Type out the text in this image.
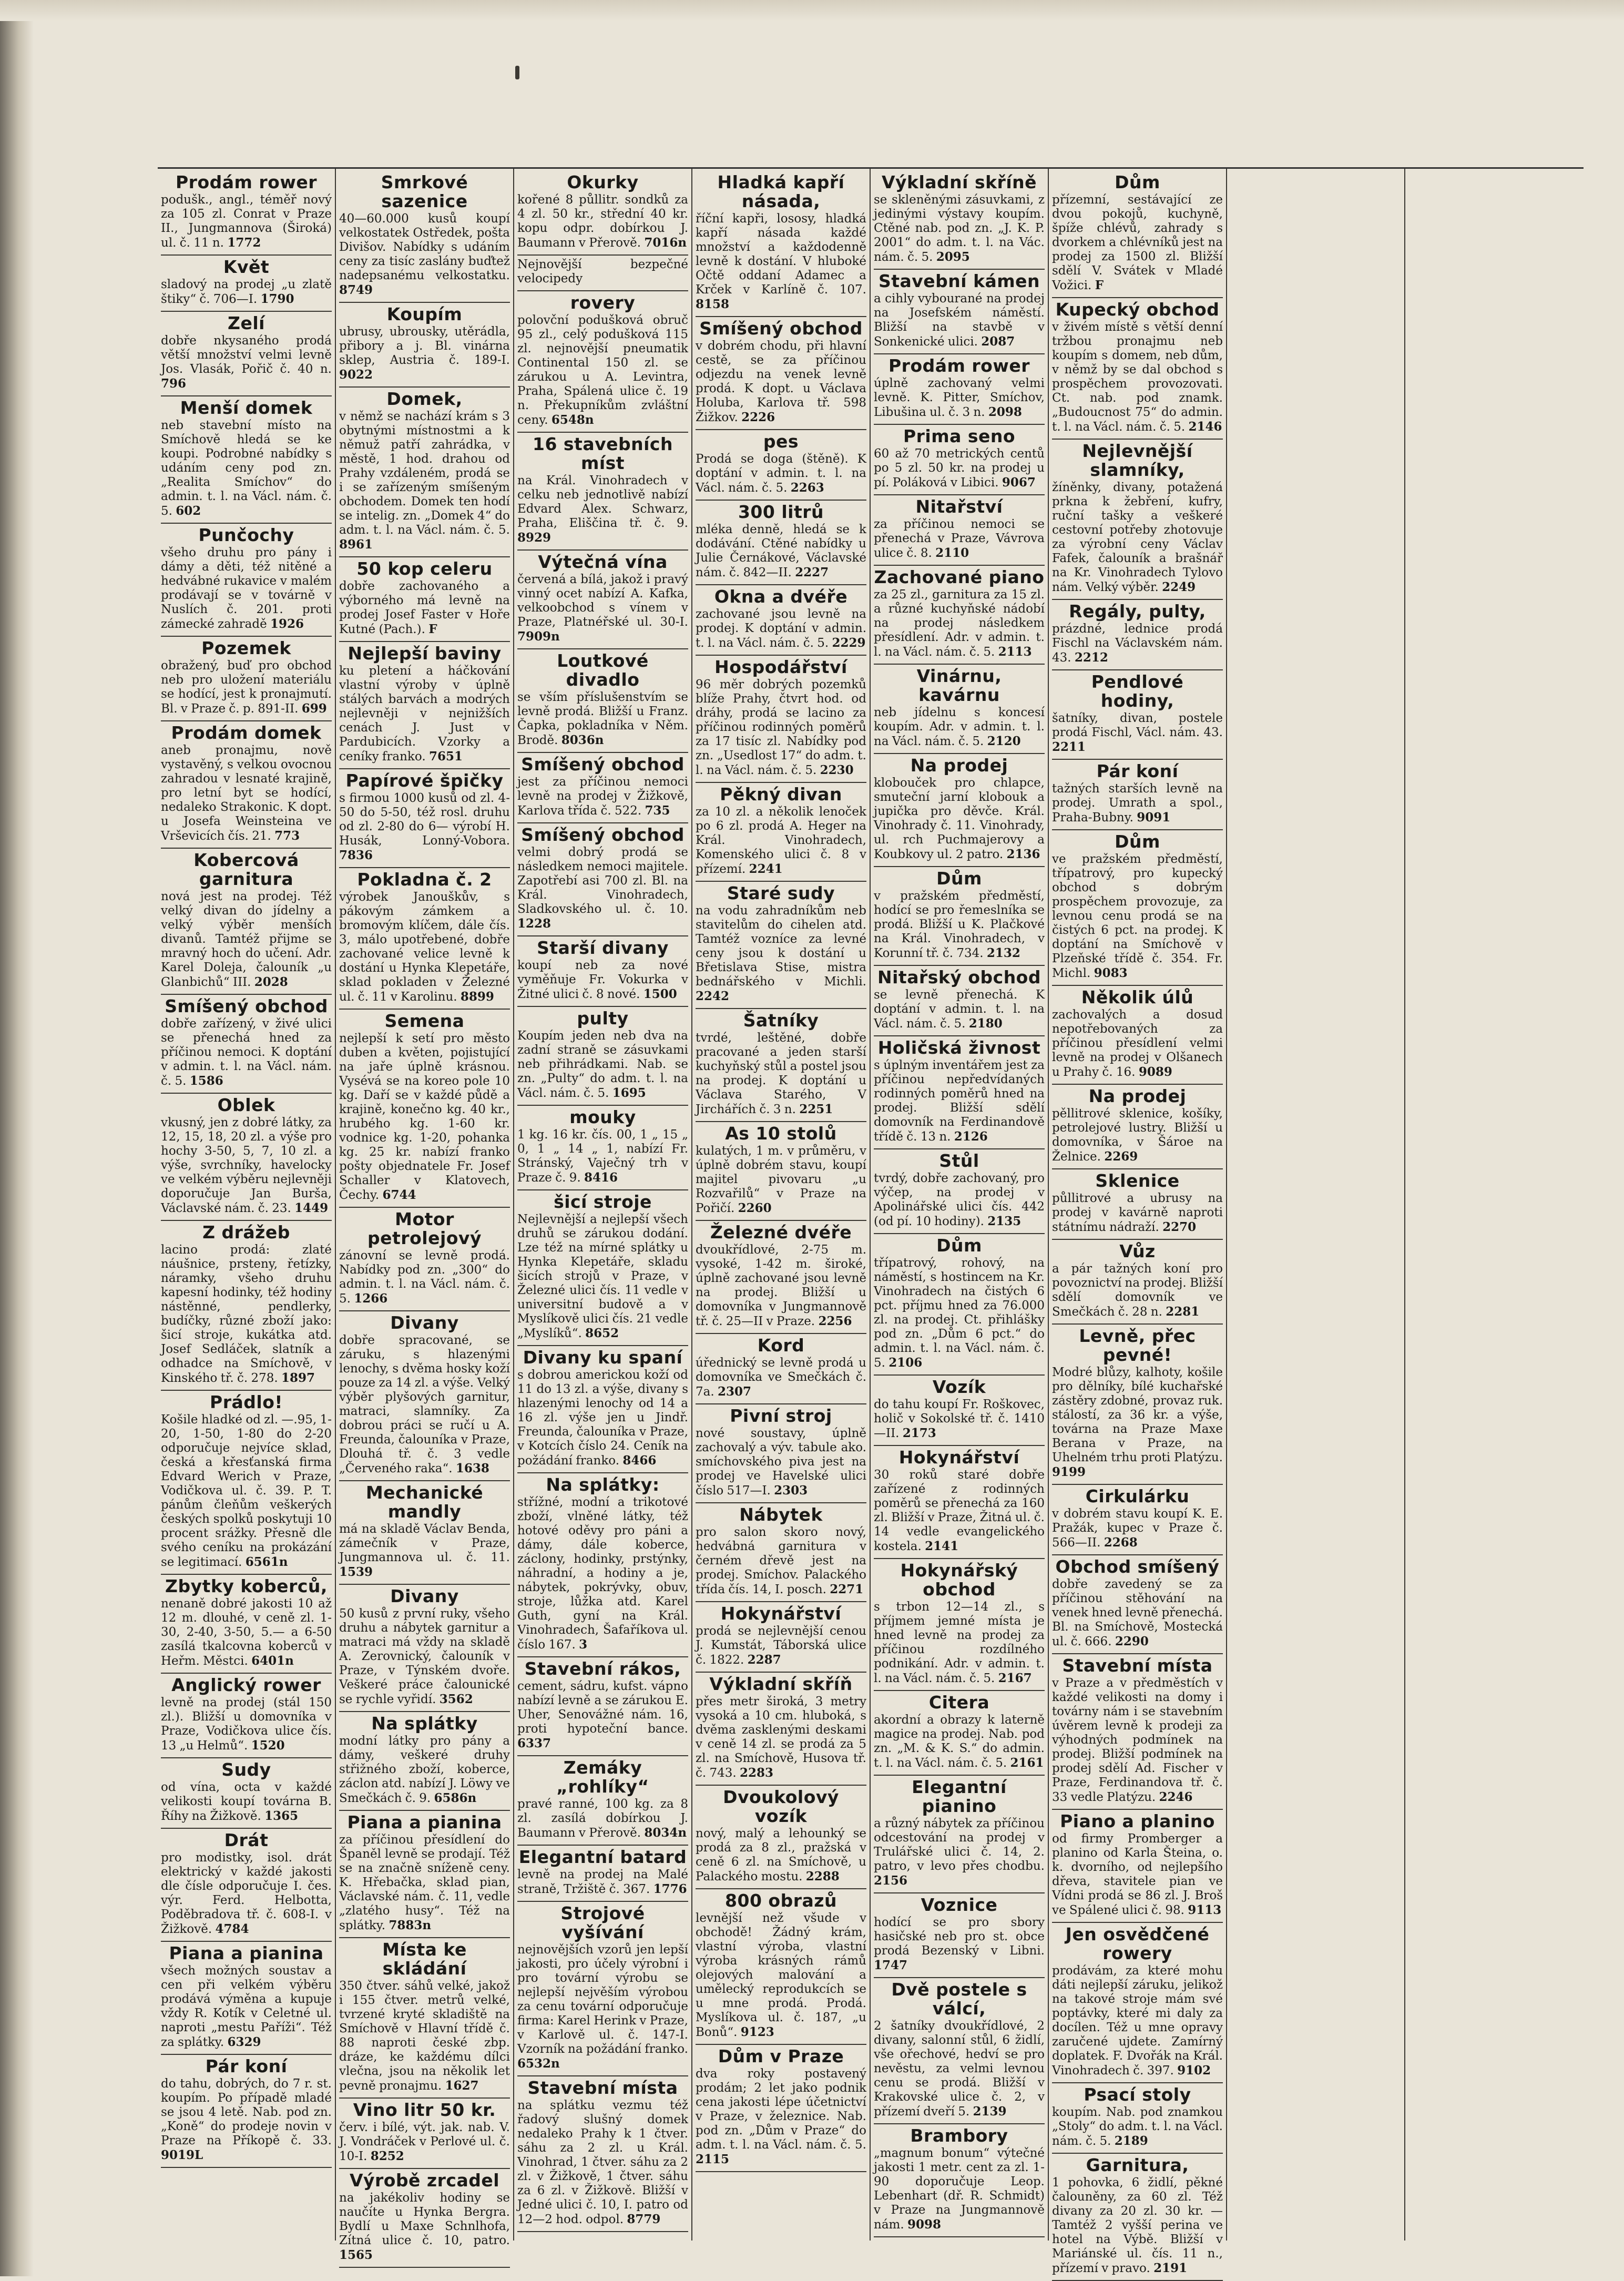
Prodám rower
podušk., angl., téměř nový za 105 zl. Conrat v Praze II., Jungmannova (Široká) ul. č. 11 n. 1772
Květ
sladový na prodej „u zlatě štiky“ č. 706—I. 1790
Zelí
dobře nkysaného prodá větší množství velmi levně Jos. Vlasák, Pořič č. 40 n. 796
Menší domek
neb stavební místo na Smíchově hledá se ke koupi. Podrobné nabídky s udáním ceny pod zn. „Realita Smíchov“ do admin. t. l. na Václ. nám. č. 5. 602
Punčochy
všeho druhu pro pány i dámy a děti, též nitěné a hedvábné rukavice v malém prodávají se v továrně v Nuslích č. 201. proti zámecké zahradě 1926
Pozemek
obražený, buď pro obchod neb pro uložení materiálu se hodící, jest k pronajmutí. Bl. v Praze č. p. 891-II. 699
Prodám domek
aneb pronajmu, nově vystavěný, s velkou ovocnou zahradou v lesnaté krajině, pro letní byt se hodící, nedaleko Strakonic. K dopt. u Josefa Weinsteina ve Vrševicích čís. 21. 773
Kobercová garnitura
nová jest na prodej. Též velký divan do jídelny a velký výběr menších divanů. Tamtéž přijme se mravný hoch do učení. Adr. Karel Doleja, čalouník „u Glanbichů“ III. 2028
Smíšený obchod
dobře zařízený, v živé ulici se přenechá hned za příčinou nemoci. K doptání v admin. t. l. na Václ. nám. č. 5. 1586
Oblek
vkusný, jen z dobré látky, za 12, 15, 18, 20 zl. a výše pro hochy 3-50, 5, 7, 10 zl. a výše, svrchníky, havelocky ve velkém výběru nejlevněji doporučuje Jan Burša, Václavské nám. č. 23. 1449
Z drážeb
lacino prodá: zlaté náušnice, prsteny, řetízky, náramky, všeho druhu kapesní hodinky, též hodiny nástěnné, pendlerky, budíčky, různé zboží jako: šicí stroje, kukátka atd. Josef Sedláček, slatník a odhadce na Smíchově, v Kinského tř. č. 278. 1897
Prádlo!
Košile hladké od zl. —.95, 1-20, 1-50, 1-80 do 2-20 odporučuje nejvíce sklad, česká a křesťanská firma Edvard Werich v Praze, Vodičkova ul. č. 39. P. T. pánům čleňům veškerých českých spolků poskytuji 10 procent srážky. Přesně dle svého ceníku na prokázání se legitimací. 6561n
Zbytky koberců,
nenaně dobré jakosti 10 až 12 m. dlouhé, v ceně zl. 1-30, 2-40, 3-50, 5.— a 6-50 zasílá tkalcovna koberců v Heřm. Městci. 6401n
Anglický rower
levně na prodej (stál 150 zl.). Bližší u domovníka v Praze, Vodičkova ulice čís. 13 „u Helmů“. 1520
Sudy
od vína, octa v každé velikosti koupí továrna B. Říhy na Žižkově. 1365
Drát
pro modistky, isol. drát elektrický v každé jakosti dle čísle odporučuje I. čes. výr. Ferd. Helbotta, Poděbradova tř. č. 608-I. v Žižkově. 4784
Piana a pianina
všech možných soustav a cen při velkém výběru prodává výměna a kupuje vždy R. Kotík v Celetné ul. naproti „mestu Paříži“. Též za splátky. 6329
Pár koní
do tahu, dobrých, do 7 r. st. koupím. Po případě mladé se jsou 4 letě. Nab. pod zn. „Koně“ do prodeje novin v Praze na Příkopě č. 33. 9019L
Smrkové sazenice
40—60.000 kusů koupí velkostatek Ostředek, pošta Divišov. Nabídky s udáním ceny za tisíc zaslány buďtež nadepsanému velkostatku. 8749
Koupím
ubrusy, ubrousky, utěrádla, přibory a j. Bl. vinárna sklep, Austria č. 189-I. 9022
Domek,
v němž se nachází krám s 3 obytnými místnostmi a k němuž patří zahrádka, v městě, 1 hod. drahou od Prahy vzdáleném, prodá se i se zařízeným smíšeným obchodem. Domek ten hodí se intelig. zn. „Domek 4“ do adm. t. l. na Václ. nám. č. 5. 8961
50 kop celeru
dobře zachovaného a výborného má levně na prodej Josef Faster v Hoře Kutné (Pach.). F
Nejlepší baviny
ku pletení a háčkování vlastní výroby v úplně stálých barvách a modrých nejlevněji v nejnižších cenách J. Just v Pardubicích. Vzorky a ceníky franko. 7651
Papírové špičky
s firmou 1000 kusů od zl. 4-50 do 5-50, též rosl. druhu od zl. 2-80 do 6— výrobí H. Husák, Lonný-Vobora. 7836
Pokladna č. 2
výrobek Janouškův, s pákovým zámkem a bromovým klíčem, dále čís. 3, málo upotřebené, dobře zachované velice levně k dostání u Hynka Klepetáře, sklad pokladen v Železné ul. č. 11 v Karolinu. 8899
Semena
nejlepší k setí pro město duben a květen, pojistující na jaře úplně krásnou. Vysévá se na koreo pole 10 kg. Daří se v každé půdě a krajině, konečno kg. 40 kr., hrubého kg. 1-60 kr. vodnice kg. 1-20, pohanka kg. 25 kr. nabízí franko pošty objednatele Fr. Josef Schaller v Klatovech, Čechy. 6744
Motor petrolejový
zánovní se levně prodá. Nabídky pod zn. „300“ do admin. t. l. na Václ. nám. č. 5. 1266
Divany
dobře spracované, se záruku, s hlazenými lenochy, s dvěma hosky koží pouze za 14 zl. a výše. Velký výběr plyšových garnitur, matraci, slamníky. Za dobrou práci se ručí u A. Freunda, čalouníka v Praze, Dlouhá tř. č. 3 vedle „Červeného raka“. 1638
Mechanické mandly
má na skladě Václav Benda, zámečník v Praze, Jungmannova ul. č. 11. 1539
Divany
50 kusů z první ruky, všeho druhu a nábytek garnitur a matraci má vždy na skladě A. Zerovnický, čalouník v Praze, v Týnském dvoře. Veškeré práce čalounické se rychle vyřidí. 3562
Na splátky
modní látky pro pány a dámy, veškeré druhy střižného zboží, koberce, záclon atd. nabízí J. Löwy ve Smečkách č. 9. 6586n
Piana a pianina
za příčinou přesídlení do Španěl levně se prodají. Též se na značně sníženě ceny. K. Hřebačka, sklad pian, Václavské nám. č. 11, vedle „zlatého husy“. Též na splátky. 7883n
Místa ke skládání
350 čtver. sáhů velké, jakož i 155 čtver. metrů velké, tvrzené kryté skladiště na Smíchově v Hlavní třídě č. 88 naproti české zbp. dráze, ke každému dílci vlečna, jsou na několik let pevně pronajmu. 1627
Vino litr 50 kr.
červ. i bílé, výt. jak. nab. V. J. Vondráček v Perlové ul. č. 10-I. 8252
Výrobě zrcadel
na jakékoliv hodiny se naučíte u Hynka Bergra. Bydlí u Maxe Schnlhofa, Zítná ulice č. 10, patro. 1565
Okurky
kořené 8 půllitr. sondků za 4 zl. 50 kr., střední 40 kr. kopu odpr. dobírkou J. Baumann v Přerově. 7016n
Nejnovější bezpečné velocipedy
rovery
polovční podušková obruč 95 zl., celý podušková 115 zl. nejnovější pneumatik Continental 150 zl. se zárukou u A. Levintra, Praha, Spálená ulice č. 19 n. Překupníkům zvláštní ceny. 6548n
16 stavebních míst
na Král. Vinohradech v celku neb jednotlivě nabízí Edvard Alex. Schwarz, Praha, Eliščina tř. č. 9. 8929
Výtečná vína
červená a bílá, jakož i pravý vinný ocet nabízí A. Kafka, velkoobchod s vínem v Praze, Platnéřské ul. 30-I. 7909n
Loutkové divadlo
se vším příslušenstvím se levně prodá. Bližší u Franz. Čapka, pokladníka v Něm. Brodě. 8036n
Smíšený obchod
jest za příčinou nemoci levně na prodej v Žižkově, Karlova třída č. 522. 735
Smíšený obchod
velmi dobrý prodá se následkem nemoci majitele. Zapotřebí asi 700 zl. Bl. na Král. Vinohradech, Sladkovského ul. č. 10. 1228
Starší divany
koupí neb za nové vyměňuje Fr. Vokurka v Žitné ulici č. 8 nové. 1500
pulty
Koupím jeden neb dva na zadní straně se zásuvkami neb přihrádkami. Nab. se zn. „Pulty“ do adm. t. l. na Václ. nám. č. 5. 1695
mouky
1 kg. 16 kr. čís. 00, 1 „ 15 „ 0, 1 „ 14 „ 1, nabízí Fr. Stránský, Vaječný trh v Praze č. 9. 8416
šicí stroje
Nejlevnější a nejlepší všech druhů se zárukou dodání. Lze též na mírné splátky u Hynka Klepetáře, skladu šicích strojů v Praze, v Železné ulici čís. 11 vedle v universitní budově a v Myslíkově ulici čís. 21 vedle „Myslíků“. 8652
Divany ku spaní
s dobrou americkou koží od 11 do 13 zl. a výše, divany s hlazenými lenochy od 14 a 16 zl. výše jen u Jindř. Freunda, čalouníka v Praze, v Kotcích číslo 24. Ceník na požádání franko. 8466
Na splátky:
střížné, modní a trikotové zboží, vlněné látky, též hotové oděvy pro páni a dámy, dále koberce, záclony, hodinky, prstýnky, náhradní, a hodiny a je, nábytek, pokrývky, obuv, stroje, lůžka atd. Karel Guth, gyní na Král. Vinohradech, Šafaříkova ul. číslo 167. 3
Stavební rákos,
cement, sádru, kufst. vápno nabízí levně a se zárukou E. Uher, Senovážné nám. 16, proti hypoteční bance. 6337
Zemáky „rohlíky“
pravé ranné, 100 kg. za 8 zl. zasílá dobírkou J. Baumann v Přerově. 8034n
Elegantní batard
levně na prodej na Malé straně, Tržiště č. 367. 1776
Strojové vyšívání
nejnovějších vzorů jen lepší jakosti, pro účely výrobní i pro tovární výrobu se nejlepší nejvěším výrobou za cenu tovární odporučuje firma: Karel Herink v Praze, v Karlově ul. č. 147-I. Vzorník na požádání franko. 6532n
Stavební místa
na splátku vezmu též řadový slušný domek nedaleko Prahy k 1 čtver. sáhu za 2 zl. u Král. Vinohrad, 1 čtver. sáhu za 2 zl. v Žižkově, 1 čtver. sáhu za 6 zl. v Žižkově. Bližší v Jedné ulici č. 10, I. patro od 12—2 hod. odpol. 8779
Hladká kapří násada,
říční kapři, lososy, hladká kapří násada každé množství a každodenně levně k dostání. V hluboké Očtě oddaní Adamec a Krček v Karlíně č. 107. 8158
Smíšený obchod
v dobrém chodu, při hlavní cestě, se za příčinou odjezdu na venek levně prodá. K dopt. u Václava Holuba, Karlova tř. 598 Žižkov. 2226
pes
Prodá se doga (štěně). K doptání v admin. t. l. na Václ. nám. č. 5. 2263
300 litrů
mléka denně, hledá se k dodávání. Ctěné nabídky u Julie Černákové, Václavské nám. č. 842—II. 2227
Okna a dvéře
zachované jsou levně na prodej. K doptání v admin. t. l. na Václ. nám. č. 5. 2229
Hospodářství
96 měr dobrých pozemků blíže Prahy, čtvrt hod. od dráhy, prodá se lacino za příčinou rodinných poměrů za 17 tisíc zl. Nabídky pod zn. „Usedlost 17“ do adm. t. l. na Václ. nám. č. 5. 2230
Pěkný divan
za 10 zl. a několik lenoček po 6 zl. prodá A. Heger na Král. Vinohradech, Komenského ulici č. 8 v přízemí. 2241
Staré sudy
na vodu zahradníkům neb stavitelům do cihelen atd. Tamtéž vozníce za levné ceny jsou k dostání u Břetislava Stise, mistra bednářského v Michli. 2242
Šatníky
tvrdé, leštěné, dobře pracované a jeden starší kuchyňský stůl a postel jsou na prodej. K doptání u Václava Starého, V Jirchářích č. 3 n. 2251
As 10 stolů
kulatých, 1 m. v průměru, v úplně dobrém stavu, koupí majitel pivovaru „u Rozvařilů“ v Praze na Pořičí. 2260
Železné dvéře
dvoukřídlové, 2-75 m. vysoké, 1-42 m. široké, úplně zachované jsou levně na prodej. Bližší u domovníka v Jungmannově tř. č. 25—II v Praze. 2256
Kord
úřednický se levně prodá u domovníka ve Smečkách č. 7a. 2307
Pivní stroj
nové soustavy, úplně zachovalý a výv. tabule ako. smíchovského piva jest na prodej ve Havelské ulici číslo 517—I. 2303
Nábytek
pro salon skoro nový, hedvábná garnitura v černém dřevě jest na prodej. Smíchov. Palackého třída čís. 14, I. posch. 2271
Hokynářství
prodá se nejlevnější cenou J. Kumstát, Táborská ulice č. 1822. 2287
Výkladní skříň
přes metr široká, 3 metry vysoká a 10 cm. hluboká, s dvěma zasklenými deskami v ceně 14 zl. se prodá za 5 zl. na Smíchově, Husova tř. č. 743. 2283
Dvoukolový vozík
nový, malý a lehounký se prodá za 8 zl., pražská v ceně 6 zl. na Smíchově, u Palackého mostu. 2288
800 obrazů
levnější než všude v obchodě! Žádný krám, vlastní výroba, vlastní výroba krásných rámů olejových malování a umělecký reprodukcích se u mne prodá. Prodá. Myslíkova ul. č. 187, „u Bonů“. 9123
Dům v Praze
dva roky postavený prodám; 2 let jako podnik cena jakosti lépe účetnictví v Praze, v železnice. Nab. pod zn. „Dům v Praze“ do adm. t. l. na Václ. nám. č. 5. 2115
Výkladní skříně
se skleněnými zásuvkami, z jedinými výstavy koupím. Ctěné nab. pod zn. „J. K. P. 2001“ do adm. t. l. na Vác. nám. č. 5. 2095
Stavební kámen
a cihly vybourané na prodej na Josefském náměstí. Bližší na stavbě v Sonkenické ulici. 2087
Prodám rower
úplně zachovaný velmi levně. K. Pitter, Smíchov, Libušina ul. č. 3 n. 2098
Prima seno
60 až 70 metrických centů po 5 zl. 50 kr. na prodej u pí. Poláková v Libici. 9067
Nitařství
za příčinou nemoci se přenechá v Praze, Vávrova ulice č. 8. 2110
Zachované piano
za 25 zl., garnitura za 15 zl. a různé kuchyňské nádobí na prodej následkem přesídlení. Adr. v admin. t. l. na Václ. nám. č. 5. 2113
Vinárnu, kavárnu
neb jídelnu s koncesí koupím. Adr. v admin. t. l. na Václ. nám. č. 5. 2120
Na prodej
klobouček pro chlapce, smuteční jarní klobouk a jupička pro děvče. Král. Vinohrady č. 11. Vinohrady, ul. rch Puchmajerovy a Koubkovy ul. 2 patro. 2136
Dům
v pražském předměstí, hodící se pro řemeslníka se prodá. Bližší u K. Plačkové na Král. Vinohradech, v Korunní tř. č. 734. 2132
Nitařský obchod
se levně přenechá. K doptání v admin. t. l. na Václ. nám. č. 5. 2180
Holičská živnost
s úplným inventářem jest za příčinou nepředvídaných rodinných poměrů hned na prodej. Bližší sdělí domovník na Ferdinandově třídě č. 13 n. 2126
Stůl
tvrdý, dobře zachovaný, pro výčep, na prodej v Apolinářské ulici čís. 442 (od pí. 10 hodiny). 2135
Dům
třípatrový, rohový, na náměstí, s hostincem na Kr. Vinohradech na čistých 6 pct. příjmu hned za 76.000 zl. na prodej. Ct. přihlášky pod zn. „Dům 6 pct.“ do admin. t. l. na Václ. nám. č. 5. 2106
Vozík
do tahu koupí Fr. Roškovec, holič v Sokolské tř. č. 1410—II. 2173
Hokynářství
30 roků staré dobře zařízené z rodinných poměrů se přenechá za 160 zl. Bližší v Praze, Žitná ul. č. 14 vedle evangelického kostela. 2141
Hokynářský obchod
s trbon 12—14 zl., s příjmem jemné místa je hned levně na prodej za příčinou rozdílného podnikání. Adr. v admin. t. l. na Václ. nám. č. 5. 2167
Citera
akordní a obrazy k laterně magice na prodej. Nab. pod zn. „M. & K. S.“ do admin. t. l. na Václ. nám. č. 5. 2161
Elegantní pianino
a různý nábytek za příčinou odcestování na prodej v Trulářské ulici č. 14, 2. patro, v levo přes chodbu. 2156
Voznice
hodící se pro sbory hasičské neb pro st. obce prodá Bezenský v Libni. 1747
Dvě postele s válcí,
2 šatníky dvoukřídlové, 2 divany, salonní stůl, 6 židlí, vše ořechové, hedví se pro nevěstu, za velmi levnou cenu se prodá. Bližší v Krakovské ulice č. 2, v přízemí dveří 5. 2139
Brambory
„magnum bonum“ výtečné jakosti 1 metr. cent za zl. 1-90 doporučuje Leop. Lebenhart (dř. R. Schmidt) v Praze na Jungmannově nám. 9098
Dům
přízemní, sestávající ze dvou pokojů, kuchyně, špíže chlévů, zahrady s dvorkem a chlévníků jest na prodej za 1500 zl. Bližší sdělí V. Svátek v Mladé Vožici. F
Kupecký obchod
v živém místě s větší denní tržbou pronajmu neb koupím s domem, neb dům, v němž by se dal obchod s prospěchem provozovati. Ct. nab. pod znamk. „Budoucnost 75“ do admin. t. l. na Václ. nám. č. 5. 2146
Nejlevnější slamníky,
žíněnky, divany, potažená prkna k žebření, kufry, ruční tašky a veškeré cestovní potřeby zhotovuje za výrobní ceny Václav Fafek, čalouník a brašnář na Kr. Vinohradech Tylovo nám. Velký výběr. 2249
Regály, pulty,
prázdné, lednice prodá Fischl na Václavském nám. 43. 2212
Pendlové hodiny,
šatníky, divan, postele prodá Fischl, Václ. nám. 43. 2211
Pár koní
tažných starších levně na prodej. Umrath a spol., Praha-Bubny. 9091
Dům
ve pražském předměstí, třípatrový, pro kupecký obchod s dobrým prospěchem provozuje, za levnou cenu prodá se na čistých 6 pct. na prodej. K doptání na Smíchově v Plzeňské třídě č. 354. Fr. Michl. 9083
Několik úlů
zachovalých a dosud nepotřebovaných za příčinou přesídlení velmi levně na prodej v Olšanech u Prahy č. 16. 9089
Na prodej
pěllitrové sklenice, košíky, petrolejové lustry. Bližší u domovníka, v Šároe na Želnice. 2269
Sklenice
půllitrové a ubrusy na prodej v kavárně naproti státnímu nádraží. 2270
Vůz
a pár tažných koní pro povoznictví na prodej. Bližší sdělí domovník ve Smečkách č. 28 n. 2281
Levně, přec pevné!
Modré blůzy, kalhoty, košile pro dělníky, bílé kuchařské zástěry zdobné, provaz ruk. stálostí, za 36 kr. a výše, továrna na Praze Maxe Berana v Praze, na Uhelném trhu proti Platýzu. 9199
Cirkulárku
v dobrém stavu koupí K. E. Pražák, kupec v Praze č. 566—II. 2268
Obchod smíšený
dobře zavedený se za příčinou stěhování na venek hned levně přenechá. Bl. na Smíchově, Mostecká ul. č. 666. 2290
Stavební místa
v Praze a v předměstích v každé velikosti na domy i továrny nám i se stavebním úvěrem levně k prodeji za výhodných podmínek na prodej. Bližší podmínek na prodej sdělí Ad. Fischer v Praze, Ferdinandova tř. č. 33 vedle Platýzu. 2246
Piano a planino
od firmy Promberger a planino od Karla Šteina, o. k. dvorního, od nejlepšího dřeva, stavitele pian ve Vídni prodá se 86 zl. J. Broš ve Spálené ulici č. 98. 9113
Jen osvědčené rowery
prodávám, za které mohu dáti nejlepší záruku, jelikož na takové stroje mám své poptávky, které mi daly za docílen. Též u mne opravy zaručené ujdete. Zamírný doplatek. F. Dvořák na Král. Vinohradech č. 397. 9102
Psací stoly
koupím. Nab. pod znamkou „Stoly“ do adm. t. l. na Václ. nám. č. 5. 2189
Garnitura,
1 pohovka, 6 židlí, pěkné čalouněny, za 60 zl. Též divany za 20 zl. 30 kr. — Tamtéž 2 vyšší perina ve hotel na Výbě. Bližší v Mariánské ul. čís. 11 n., přízemí v pravo. 2191
